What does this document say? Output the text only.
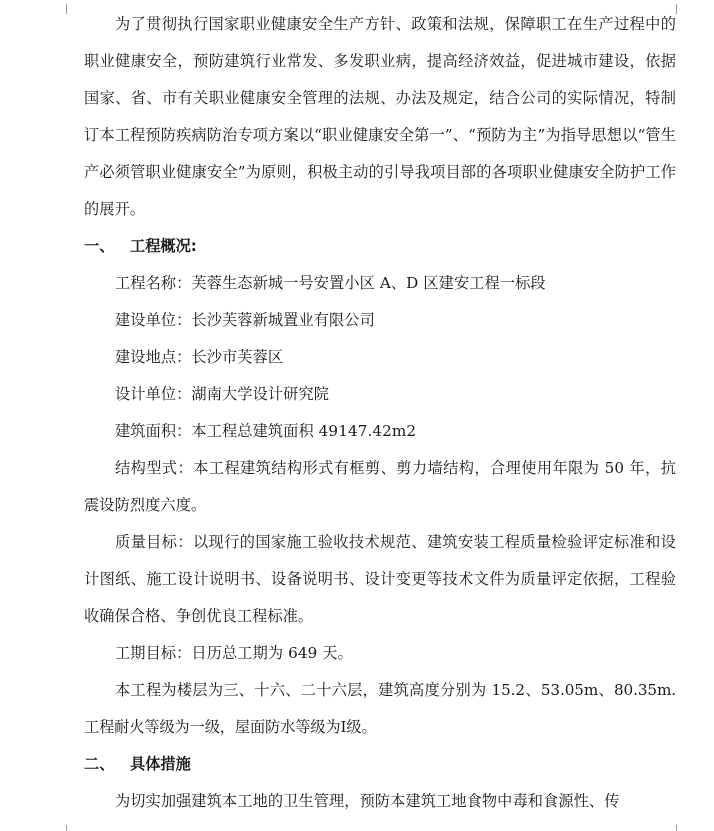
为了贯彻执行国家职业健康安全生产方针、政策和法规，保障职工在生产过程中的职业健康安全，预防建筑行业常发、多发职业病，提高经济效益，促进城市建设，依据国家、省、市有关职业健康安全管理的法规、办法及规定，结合公司的实际情况，特制订本工程预防疾病防治专项方案以“职业健康安全第一”、“预防为主”为指导思想以“管生产必须管职业健康安全”为原则，积极主动的引导我项目部的各项职业健康安全防护工作的展开。

一、 工程概况:

工程名称：芙蓉生态新城一号安置小区 A、D 区建安工程一标段

建设单位：长沙芙蓉新城置业有限公司

建设地点：长沙市芙蓉区

设计单位：湖南大学设计研究院

建筑面积：本工程总建筑面积 49147.42m2

结构型式：本工程建筑结构形式有框剪、剪力墙结构，合理使用年限为 50 年，抗震设防烈度六度。

质量目标：以现行的国家施工验收技术规范、建筑安装工程质量检验评定标准和设计图纸、施工设计说明书、设备说明书、设计变更等技术文件为质量评定依据，工程验收确保合格、争创优良工程标准。

工期目标：日历总工期为 649 天。

本工程为楼层为三、十六、二十六层，建筑高度分别为 15.2、53.05m、80.35m. 工程耐火等级为一级，屋面防水等级为Ⅰ级。

二、 具体措施

为切实加强建筑本工地的卫生管理，预防本建筑工地食物中毒和食源性、传
